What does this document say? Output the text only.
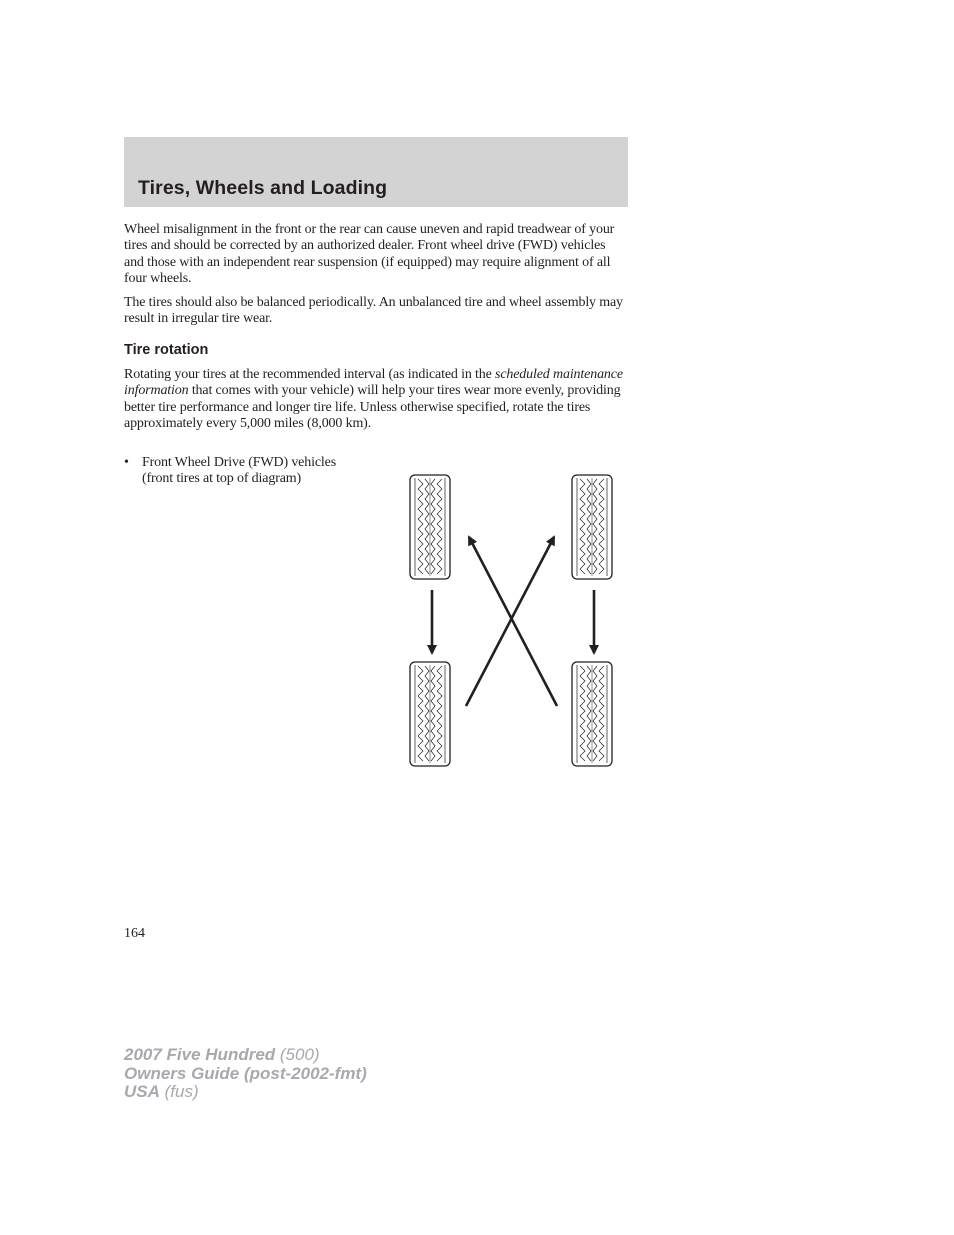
Tires, Wheels and Loading

Wheel misalignment in the front or the rear can cause uneven and rapid treadwear of your tires and should be corrected by an authorized dealer. Front wheel drive (FWD) vehicles and those with an independent rear suspension (if equipped) may require alignment of all four wheels.

The tires should also be balanced periodically. An unbalanced tire and wheel assembly may result in irregular tire wear.

Tire rotation

Rotating your tires at the recommended interval (as indicated in the scheduled maintenance information that comes with your vehicle) will help your tires wear more evenly, providing better tire performance and longer tire life. Unless otherwise specified, rotate the tires approximately every 5,000 miles (8,000 km).

• Front Wheel Drive (FWD) vehicles (front tires at top of diagram)
164
2007 Five Hundred (500)
Owners Guide (post-2002-fmt)
USA (fus)
